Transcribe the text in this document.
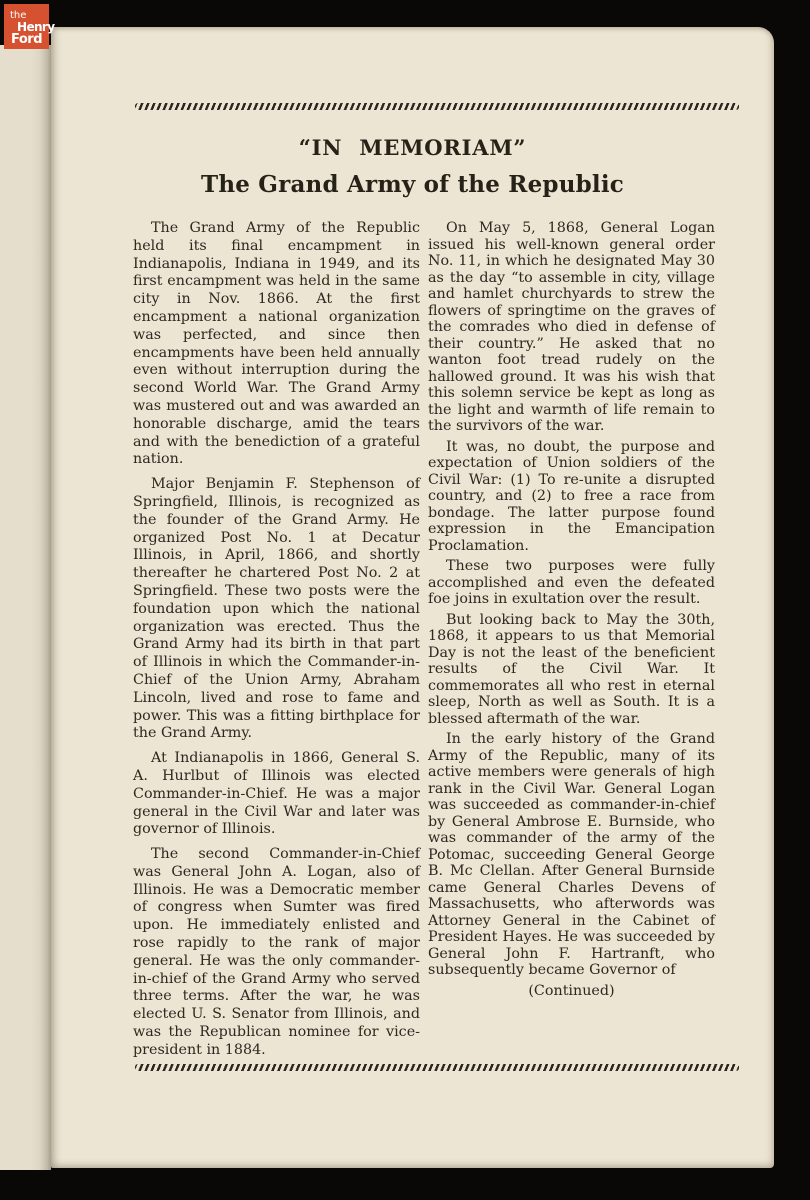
“IN MEMORIAM”
The Grand Army of the Republic

The Grand Army of the Republic held its final encampment in Indianapolis, Indiana in 1949, and its first encampment was held in the same city in Nov. 1866. At the first encampment a national organization was perfected, and since then encampments have been held annually even without interruption during the second World War. The Grand Army was mustered out and was awarded an honorable discharge, amid the tears and with the benediction of a grateful nation.

Major Benjamin F. Stephenson of Springfield, Illinois, is recognized as the founder of the Grand Army. He organized Post No. 1 at Decatur Illinois, in April, 1866, and shortly thereafter he chartered Post No. 2 at Springfield. These two posts were the foundation upon which the national organization was erected. Thus the Grand Army had its birth in that part of Illinois in which the Commander-in-Chief of the Union Army, Abraham Lincoln, lived and rose to fame and power. This was a fitting birthplace for the Grand Army.

At Indianapolis in 1866, General S. A. Hurlbut of Illinois was elected Commander-in-Chief. He was a major general in the Civil War and later was governor of Illinois.

The second Commander-in-Chief was General John A. Logan, also of Illinois. He was a Democratic member of congress when Sumter was fired upon. He immediately enlisted and rose rapidly to the rank of major general. He was the only commander-in-chief of the Grand Army who served three terms. After the war, he was elected U. S. Senator from Illinois, and was the Republican nominee for vice-president in 1884.

On May 5, 1868, General Logan issued his well-known general order No. 11, in which he designated May 30 as the day “to assemble in city, village and hamlet churchyards to strew the flowers of springtime on the graves of the comrades who died in defense of their country.” He asked that no wanton foot tread rudely on the hallowed ground. It was his wish that this solemn service be kept as long as the light and warmth of life remain to the survivors of the war.

It was, no doubt, the purpose and expectation of Union soldiers of the Civil War: (1) To re-unite a disrupted country, and (2) to free a race from bondage. The latter purpose found expression in the Emancipation Proclamation.

These two purposes were fully accomplished and even the defeated foe joins in exultation over the result.

But looking back to May the 30th, 1868, it appears to us that Memorial Day is not the least of the beneficient results of the Civil War. It commemorates all who rest in eternal sleep, North as well as South. It is a blessed aftermath of the war.

In the early history of the Grand Army of the Republic, many of its active members were generals of high rank in the Civil War. General Logan was succeeded as commander-in-chief by General Ambrose E. Burnside, who was commander of the army of the Potomac, succeeding General George B. Mc Clellan. After General Burnside came General Charles Devens of Massachusetts, who afterwords was Attorney General in the Cabinet of President Hayes. He was succeeded by General John F. Hartranft, who subsequently became Governor of

(Continued)

the
Henry
Ford
